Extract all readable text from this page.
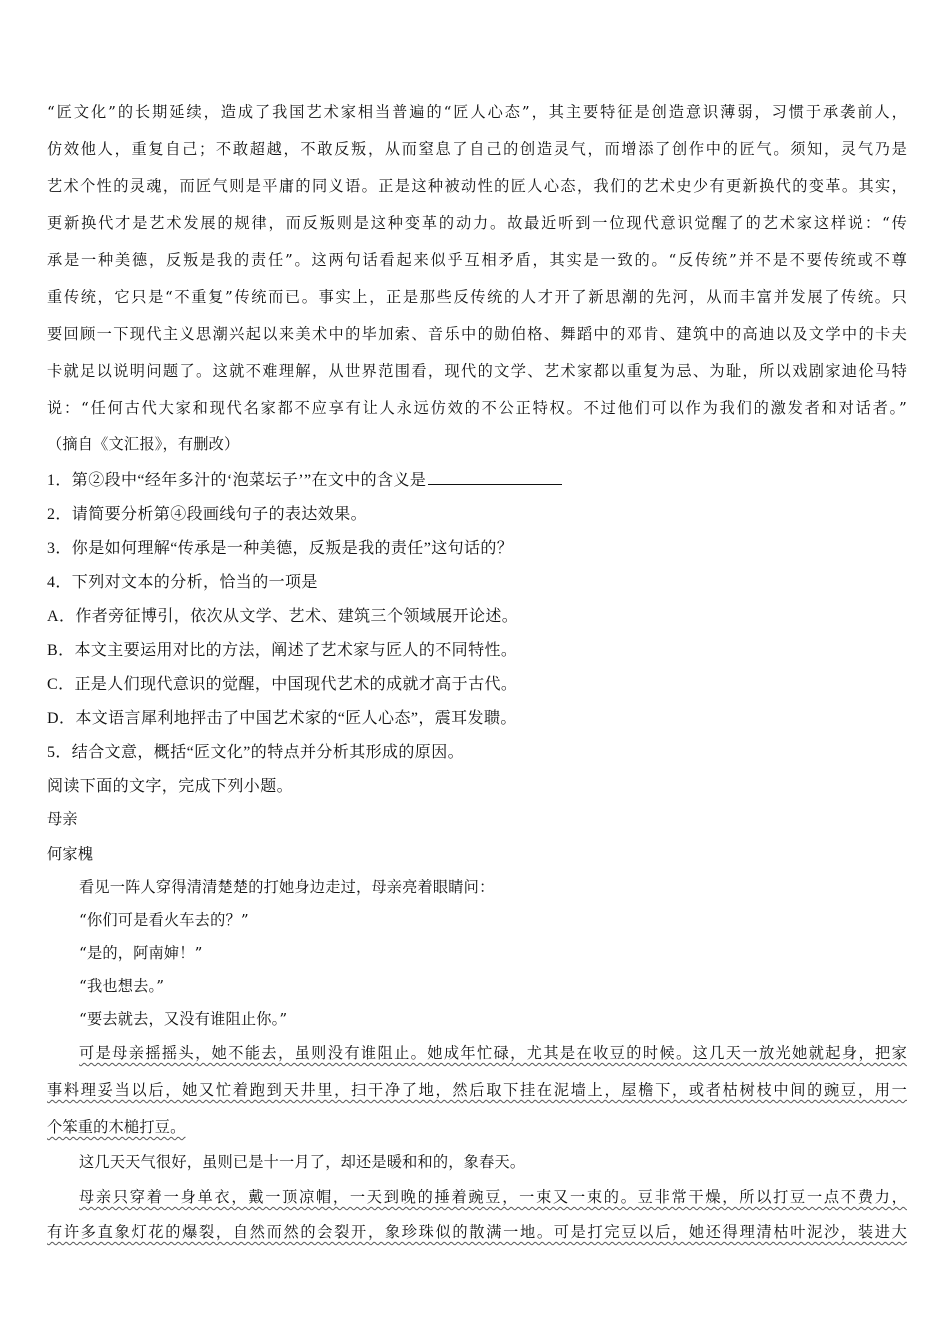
“匠文化”的长期延续，造成了我国艺术家相当普遍的“匠人心态”，其主要特征是创造意识薄弱，习惯于承袭前人，
仿效他人，重复自己；不敢超越，不敢反叛，从而窒息了自己的创造灵气，而增添了创作中的匠气。须知，灵气乃是
艺术个性的灵魂，而匠气则是平庸的同义语。正是这种被动性的匠人心态，我们的艺术史少有更新换代的变革。其实，
更新换代才是艺术发展的规律，而反叛则是这种变革的动力。故最近听到一位现代意识觉醒了的艺术家这样说：“传
承是一种美德，反叛是我的责任”。这两句话看起来似乎互相矛盾，其实是一致的。“反传统”并不是不要传统或不尊
重传统，它只是“不重复”传统而已。事实上，正是那些反传统的人才开了新思潮的先河，从而丰富并发展了传统。只
要回顾一下现代主义思潮兴起以来美术中的毕加索、音乐中的勋伯格、舞蹈中的邓肯、建筑中的高迪以及文学中的卡夫
卡就足以说明问题了。这就不难理解，从世界范围看，现代的文学、艺术家都以重复为忌、为耻，所以戏剧家迪伦马特
说：“任何古代大家和现代名家都不应享有让人永远仿效的不公正特权。不过他们可以作为我们的激发者和对话者。”
（摘自《文汇报》，有删改）
1．第②段中“经年多汁的‘泡菜坛子’”在文中的含义是
2．请简要分析第④段画线句子的表达效果。
3．你是如何理解“传承是一种美德，反叛是我的责任”这句话的？
4．下列对文本的分析，恰当的一项是
A．作者旁征博引，依次从文学、艺术、建筑三个领域展开论述。
B．本文主要运用对比的方法，阐述了艺术家与匠人的不同特性。
C．正是人们现代意识的觉醒，中国现代艺术的成就才高于古代。
D．本文语言犀利地抨击了中国艺术家的“匠人心态”，震耳发聩。
5．结合文意，概括“匠文化”的特点并分析其形成的原因。
阅读下面的文字，完成下列小题。
母亲
何家槐
看见一阵人穿得清清楚楚的打她身边走过，母亲亮着眼睛问：
“你们可是看火车去的？”
“是的，阿南婶！”
“我也想去。”
“要去就去，又没有谁阻止你。”
可是母亲摇摇头，她不能去，虽则没有谁阻止。她成年忙碌，尤其是在收豆的时候。这几天一放光她就起身，把家
事料理妥当以后，她又忙着跑到天井里，扫干净了地，然后取下挂在泥墙上，屋檐下，或者枯树枝中间的豌豆，用一
个笨重的木槌打豆。
这几天天气很好，虽则已是十一月了，却还是暖和和的，象春天。
母亲只穿着一身单衣，戴一顶凉帽，一天到晚的捶着豌豆，一束又一束的。豆非常干燥，所以打豆一点不费力，
有许多直象灯花的爆裂，自然而然的会裂开，象珍珠似的散满一地。可是打完豆以后，她还得理清枯叶泥沙，装进大
